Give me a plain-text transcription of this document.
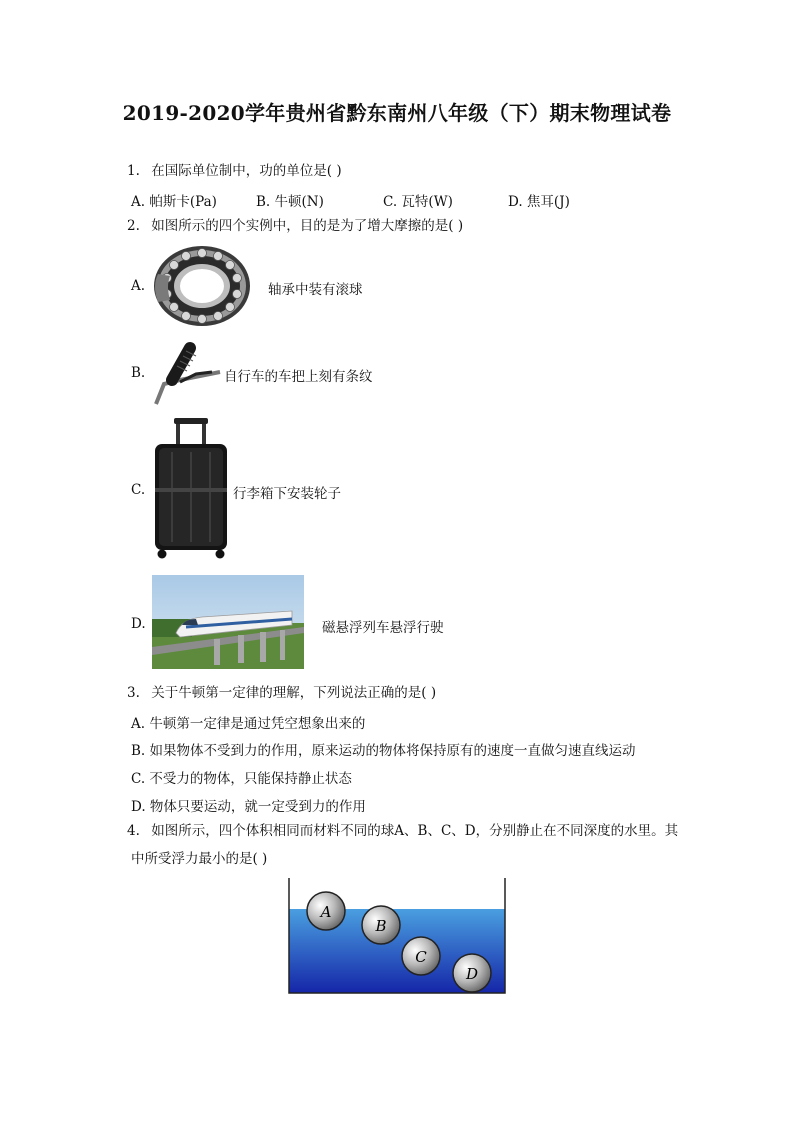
2019-2020学年贵州省黔东南州八年级（下）期末物理试卷
1. 在国际单位制中，功的单位是( )
A. 帕斯卡(Pa)	B. 牛顿(N)	C. 瓦特(W)	D. 焦耳(J)
2. 如图所示的四个实例中，目的是为了增大摩擦的是( )
A.	轴承中装有滚球
B.	自行车的车把上刻有条纹
C.	行李箱下安装轮子
D.	磁悬浮列车悬浮行驶
3. 关于牛顿第一定律的理解，下列说法正确的是( )
A. 牛顿第一定律是通过凭空想象出来的
B. 如果物体不受到力的作用，原来运动的物体将保持原有的速度一直做匀速直线运动
C. 不受力的物体，只能保持静止状态
D. 物体只要运动，就一定受到力的作用
4. 如图所示，四个体积相同而材料不同的球A、B、C、D，分别静止在不同深度的水里。其
中所受浮力最小的是( )
A
B
C
D
